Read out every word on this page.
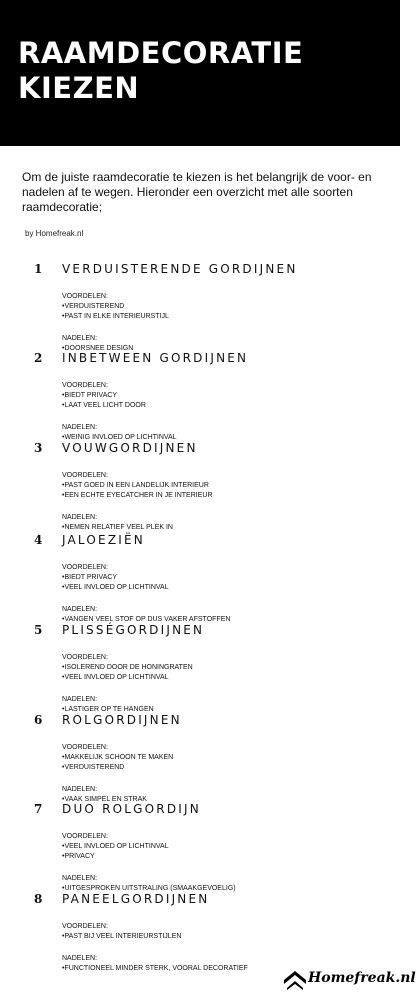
RAAMDECORATIE
KIEZEN
Om de juiste raamdecoratie te kiezen is het belangrijk de voor- en nadelen af te wegen. Hieronder een overzicht met alle soorten raamdecoratie;
by Homefreak.nl
1 VERDUISTERENDE GORDIJNEN
VOORDELEN:
• VERDUISTEREND
• PAST IN ELKE INTERIEURSTIJL
NADELEN:
• DOORSNEE DESIGN
2 INBETWEEN GORDIJNEN
VOORDELEN:
• BIEDT PRIVACY
• LAAT VEEL LICHT DOOR
NADELEN:
• WEINIG INVLOED OP LICHTINVAL
3 VOUWGORDIJNEN
VOORDELEN:
• PAST GOED IN EEN LANDELIJK INTERIEUR
• EEN ECHTE EYECATCHER IN JE INTERIEUR
NADELEN:
• NEMEN RELATIEF VEEL PLEK IN
4 JALOEZIËN
VOORDELEN:
• BIEDT PRIVACY
• VEEL INVLOED OP LICHTINVAL
NADELEN:
• VANGEN VEEL STOF OP DUS VAKER AFSTOFFEN
5 PLISSÉGORDIJNEN
VOORDELEN:
• ISOLEREND DOOR DE HONINGRATEN
• VEEL INVLOED OP LICHTINVAL
NADELEN:
• LASTIGER OP TE HANGEN
6 ROLGORDIJNEN
VOORDELEN:
• MAKKELIJK SCHOON TE MAKEN
• VERDUISTEREND
NADELEN:
• VAAK SIMPEL EN STRAK
7 DUO ROLGORDIJN
VOORDELEN:
• VEEL INVLOED OP LICHTINVAL
• PRIVACY
NADELEN:
• UITGESPROKEN UITSTRALING (SMAAKGEVOELIG)
8 PANEELGORDIJNEN
VOORDELEN:
• PAST BIJ VEEL INTERIEURSTIJLEN
NADELEN:
• FUNCTIONEEL MINDER STERK, VOORAL DECORATIEF
Homefreak.nl
